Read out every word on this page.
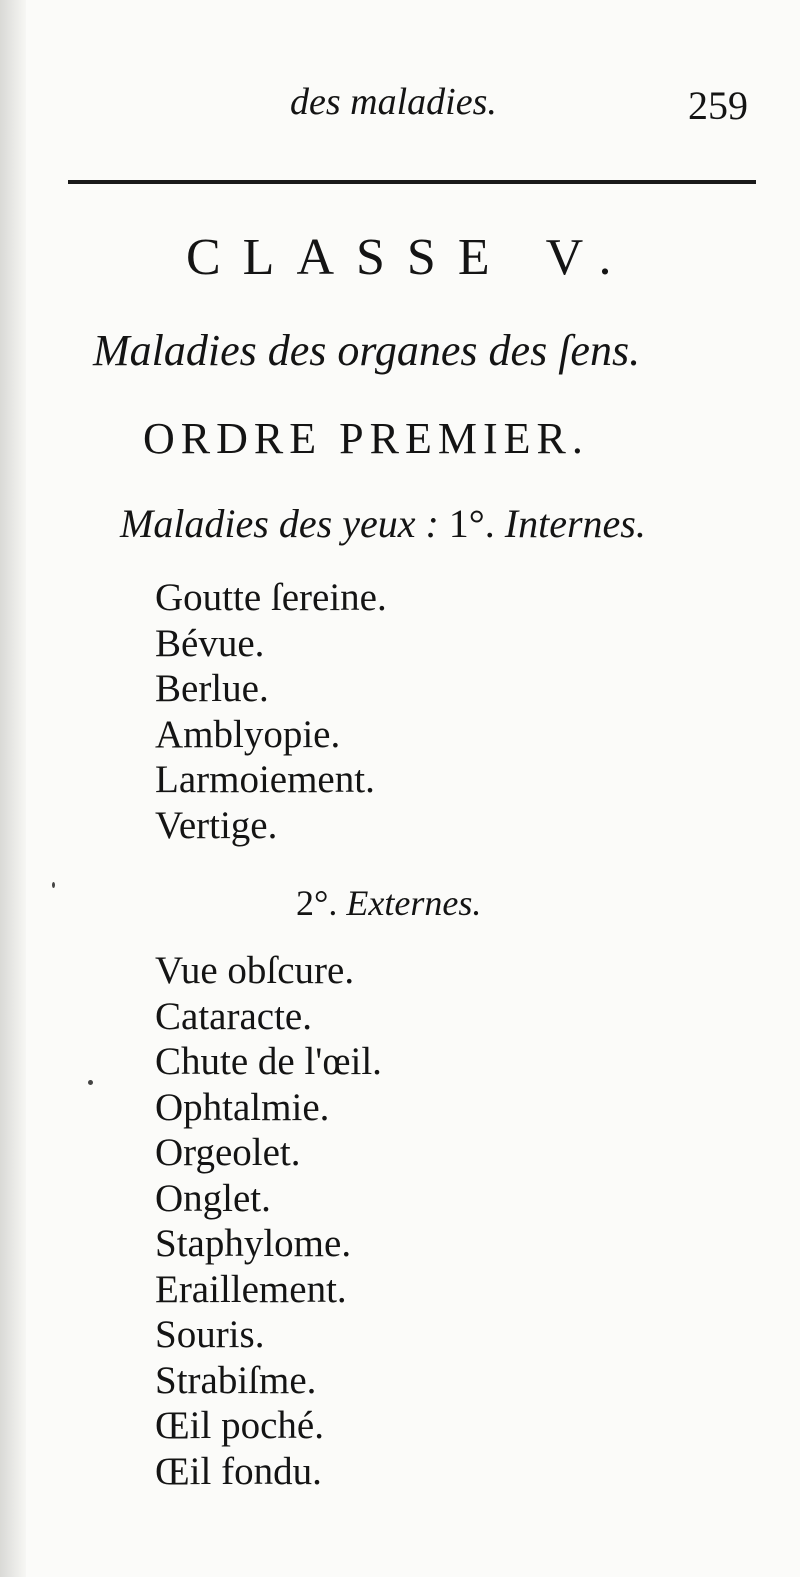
des maladies.	259
CLASSE V.
Maladies des organes des ſens.
ORDRE PREMIER.
Maladies des yeux : 1°. Internes.
Goutte ſereine.
Bévue.
Berlue.
Amblyopie.
Larmoiement.
Vertige.
2°. Externes.
Vue obſcure.
Cataracte.
Chute de l'œil.
Ophtalmie.
Orgeolet.
Onglet.
Staphylome.
Eraillement.
Souris.
Strabiſme.
Œil poché.
Œil fondu.
